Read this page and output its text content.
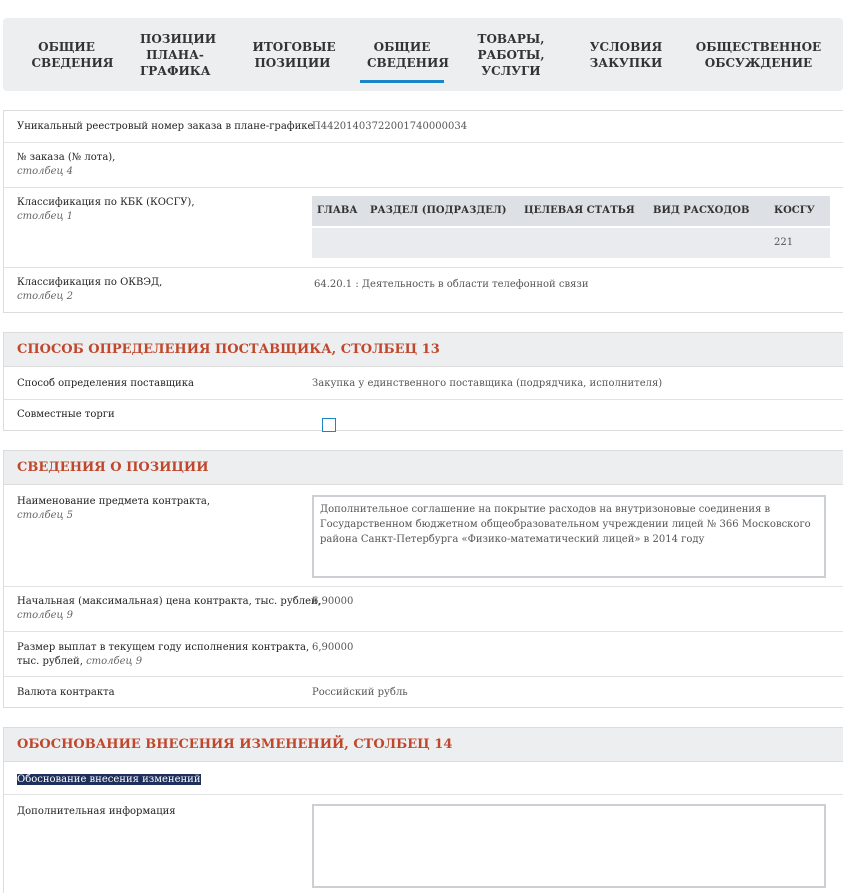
ОБЩИЕ СВЕДЕНИЯ
ПОЗИЦИИ ПЛАНА-ГРАФИКА
ИТОГОВЫЕ ПОЗИЦИИ
ОБЩИЕ СВЕДЕНИЯ
ТОВАРЫ, РАБОТЫ, УСЛУГИ
УСЛОВИЯ ЗАКУПКИ
ОБЩЕСТВЕННОЕ ОБСУЖДЕНИЕ
Уникальный реестровый номер заказа в плане-графике
П44201403722001740000034
№ заказа (№ лота),
столбец 4
Классификация по КБК (КОСГУ),
столбец 1
ГЛАВА РАЗДЕЛ (ПОДРАЗДЕЛ) ЦЕЛЕВАЯ СТАТЬЯ ВИД РАСХОДОВ КОСГУ
221
Классификация по ОКВЭД,
столбец 2
64.20.1 : Деятельность в области телефонной связи
СПОСОБ ОПРЕДЕЛЕНИЯ ПОСТАВЩИКА, СТОЛБЕЦ 13
Способ определения поставщика	Закупка у единственного поставщика (подрядчика, исполнителя)
Совместные торги
СВЕДЕНИЯ О ПОЗИЦИИ
Наименование предмета контракта,
столбец 5
Дополнительное соглашение на покрытие расходов на внутризоновые соединения в Государственном бюджетном общеобразовательном учреждении лицей № 366 Московского района Санкт-Петербурга «Физико-математический лицей» в 2014 году
Начальная (максимальная) цена контракта, тыс. рублей,
столбец 9
6,90000
Размер выплат в текущем году исполнения контракта,
тыс. рублей, столбец 9
6,90000
Валюта контракта	Российский рубль
ОБОСНОВАНИЕ ВНЕСЕНИЯ ИЗМЕНЕНИЙ, СТОЛБЕЦ 14
Обоснование внесения изменений
Дополнительная информация
